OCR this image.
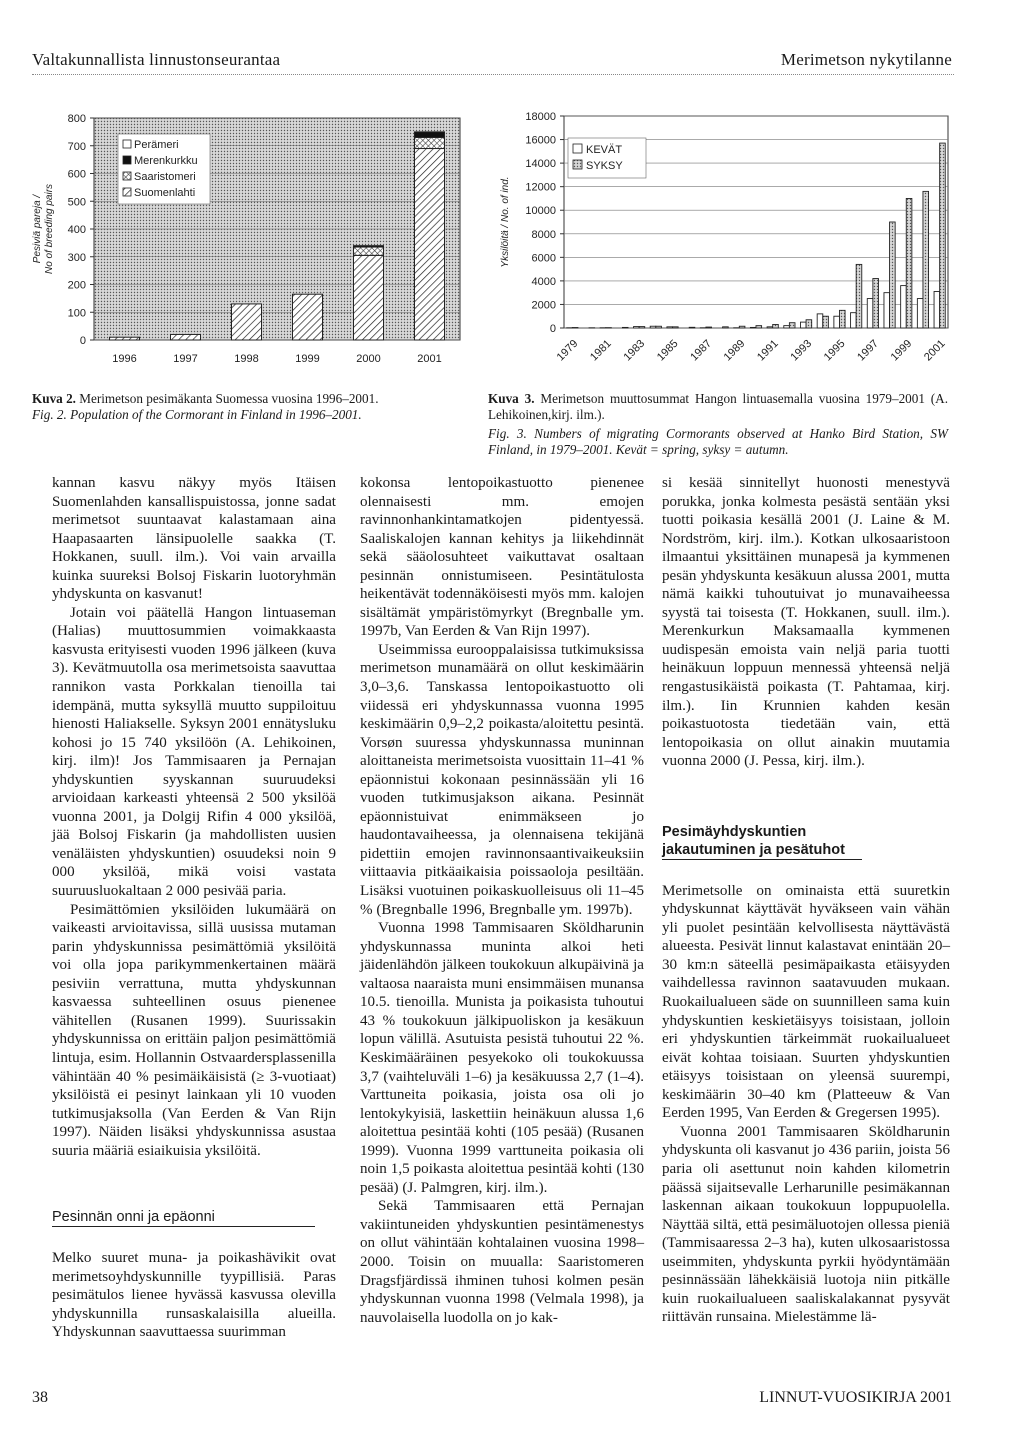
Valtakunnallista linnustonseurantaa	Merimetson nykytilanne
0
100
200
300
400
500
600
700
800
Pesiviä pareja / No of breeding pairs
1996	1997	1998	1999	2000	2001
Perämeri
Merenkurkku
Saaristomeri
Suomenlahti
Kuva 2. Merimetson pesimäkanta Suomessa vuosina 1996–2001.
Fig. 2. Population of the Cormorant in Finland in 1996–2001.
0
2000
4000
6000
8000
10000
12000
14000
16000
18000
Yksilöitä / No. of ind.
1979 1981 1983 1985 1987 1989 1991 1993 1995 1997 1999 2001
KEVÄT
SYKSY
Kuva 3. Merimetson muuttosummat Hangon lintuasemalla vuosina 1979–2001 (A. Lehikoinen,kirj. ilm.).
Fig. 3. Numbers of migrating Cormorants observed at Hanko Bird Station, SW Finland, in 1979–2001. Kevät = spring, syksy = autumn.

kannan kasvu näkyy myös Itäisen Suomenlahden kansallispuistossa, jonne sadat merimetsot suuntaavat kalastamaan aina Haapasaarten länsipuolelle saakka (T. Hokkanen, suull. ilm.). Voi vain arvailla kuinka suureksi Bolsoj Fiskarin luotoryhmän yhdyskunta on kasvanut!

Jotain voi päätellä Hangon lintuaseman (Halias) muuttosummien voimakkaasta kasvusta erityisesti vuoden 1996 jälkeen (kuva 3). Kevätmuutolla osa merimetsoista saavuttaa rannikon vasta Porkkalan tienoilla tai idempänä, mutta syksyllä muutto suppiloituu hienosti Haliakselle. Syksyn 2001 ennätysluku kohosi jo 15 740 yksilöön (A. Lehikoinen, kirj. ilm)! Jos Tammisaaren ja Pernajan yhdyskuntien syyskannan suuruudeksi arvioidaan karkeasti yhteensä 2 500 yksilöä vuonna 2001, ja Dolgij Rifin 4 000 yksilöä, jää Bolsoj Fiskarin (ja mahdollisten uusien venäläisten yhdyskuntien) osuudeksi noin 9 000 yksilöä, mikä voisi vastata suuruusluokaltaan 2 000 pesivää paria.

Pesimättömien yksilöiden lukumäärä on vaikeasti arvioitavissa, sillä uusissa mutaman parin yhdyskunnissa pesimättömiä yksilöitä voi olla jopa parikymmenkertainen määrä pesiviin verrattuna, mutta yhdyskunnan kasvaessa suhteellinen osuus pienenee vähitellen (Rusanen 1999). Suurissakin yhdyskunnissa on erittäin paljon pesimättömiä lintuja, esim. Hollannin Ostvaardersplassenilla vähintään 40 % pesimäikäisistä (≥ 3-vuotiaat) yksilöistä ei pesinyt lainkaan yli 10 vuoden tutkimusjaksolla (Van Eerden & Van Rijn 1997). Näiden lisäksi yhdyskunnissa asustaa suuria määriä esiaikuisia yksilöitä.

Pesinnän onni ja epäonni

Melko suuret muna- ja poikashävikit ovat merimetsoyhdyskunnille tyypillisiä. Paras pesimätulos lienee hyvässä kasvussa olevilla yhdyskunnilla runsaskalaisilla alueilla. Yhdyskunnan saavuttaessa suurimman

kokonsa lentopoikastuotto pienenee olennaisesti mm. emojen ravinnonhankintamatkojen pidentyessä. Saaliskalojen kannan kehitys ja liikehdinnät sekä sääolosuhteet vaikuttavat osaltaan pesinnän onnistumiseen. Pesintätulosta heikentävät todennäköisesti myös mm. kalojen sisältämät ympäristömyrkyt (Bregnballe ym. 1997b, Van Eerden & Van Rijn 1997).

Useimmissa eurooppalaisissa tutkimuksissa merimetson munamäärä on ollut keskimäärin 3,0–3,6. Tanskassa lentopoikastuotto oli viidessä eri yhdyskunnassa vuonna 1995 keskimäärin 0,9–2,2 poikasta/aloitettu pesintä. Vorsøn suuressa yhdyskunnassa muninnan aloittaneista merimetsoista vuosittain 11–41 % epäonnistui kokonaan pesinnässään yli 16 vuoden tutkimusjakson aikana. Pesinnät epäonnistuivat enimmäkseen jo haudontavaiheessa, ja olennaisena tekijänä pidettiin emojen ravinnonsaantivaikeuksiin viittaavia pitkäaikaisia poissaoloja pesiltään. Lisäksi vuotuinen poikaskuolleisuus oli 11–45 % (Bregnballe 1996, Bregnballe ym. 1997b).

Vuonna 1998 Tammisaaren Sköldharunin yhdyskunnassa muninta alkoi heti jäidenlähdön jälkeen toukokuun alkupäivinä ja valtaosa naaraista muni ensimmäisen munansa 10.5. tienoilla. Munista ja poikasista tuhoutui 43 % toukokuun jälkipuoliskon ja kesäkuun lopun välillä. Asutuista pesistä tuhoutui 22 %. Keskimääräinen pesyekoko oli toukokuussa 3,7 (vaihteluväli 1–6) ja kesäkuussa 2,7 (1–4). Varttuneita poikasia, joista osa oli jo lentokykyisiä, laskettiin heinäkuun alussa 1,6 aloitettua pesintää kohti (105 pesää) (Rusanen 1999). Vuonna 1999 varttuneita poikasia oli noin 1,5 poikasta aloitettua pesintää kohti (130 pesää) (J. Palmgren, kirj. ilm.).

Sekä Tammisaaren että Pernajan vakiintuneiden yhdyskuntien pesintämenestys on ollut vähintään kohtalainen vuosina 1998–2000. Toisin on muualla: Saaristomeren Dragsfjärdissä ihminen tuhosi kolmen pesän yhdyskunnan vuonna 1998 (Velmala 1998), ja nauvolaisella luodolla on jo kak-

si kesää sinnitellyt huonosti menestyvä porukka, jonka kolmesta pesästä sentään yksi tuotti poikasia kesällä 2001 (J. Laine & M. Nordström, kirj. ilm.). Kotkan ulkosaaristoon ilmaantui yksittäinen munapesä ja kymmenen pesän yhdyskunta kesäkuun alussa 2001, mutta nämä kaikki tuhoutuivat jo munavaiheessa syystä tai toisesta (T. Hokkanen, suull. ilm.). Merenkurkun Maksamaalla kymmenen uudispesän emoista vain neljä paria tuotti heinäkuun loppuun mennessä yhteensä neljä rengastusikäistä poikasta (T. Pahtamaa, kirj. ilm.). Iin Krunnien kahden kesän poikastuotosta tiedetään vain, että lentopoikasia on ollut ainakin muutamia vuonna 2000 (J. Pessa, kirj. ilm.).

Pesimäyhdyskuntien jakautuminen ja pesätuhot

Merimetsolle on ominaista että suuretkin yhdyskunnat käyttävät hyväkseen vain vähän yli puolet pesintään kelvollisesta näyttävästä alueesta. Pesivät linnut kalastavat enintään 20–30 km:n säteellä pesimäpaikasta etäisyyden vaihdellessa ravinnon saatavuuden mukaan. Ruokailualueen säde on suunnilleen sama kuin yhdyskuntien keskietäisyys toisistaan, jolloin eri yhdyskuntien tärkeimmät ruokailualueet eivät kohtaa toisiaan. Suurten yhdyskuntien etäisyys toisistaan on yleensä suurempi, keskimäärin 30–40 km (Platteeuw & Van Eerden 1995, Van Eerden & Gregersen 1995).

Vuonna 2001 Tammisaaren Sköldharunin yhdyskunta oli kasvanut jo 436 pariin, joista 56 paria oli asettunut noin kahden kilometrin päässä sijaitsevalle Lerharunille pesimäkannan laskennan aikaan toukokuun loppupuolella. Näyttää siltä, että pesimäluotojen ollessa pieniä (Tammisaaressa 2–3 ha), kuten ulkosaaristossa useimmiten, yhdyskunta pyrkii hyödyntämään pesinnässään lähekkäisiä luotoja niin pitkälle kuin ruokailualueen saaliskalakannat pysyvät riittävän runsaina. Mielestämme lä-

38	LINNUT-VUOSIKIRJA 2001
